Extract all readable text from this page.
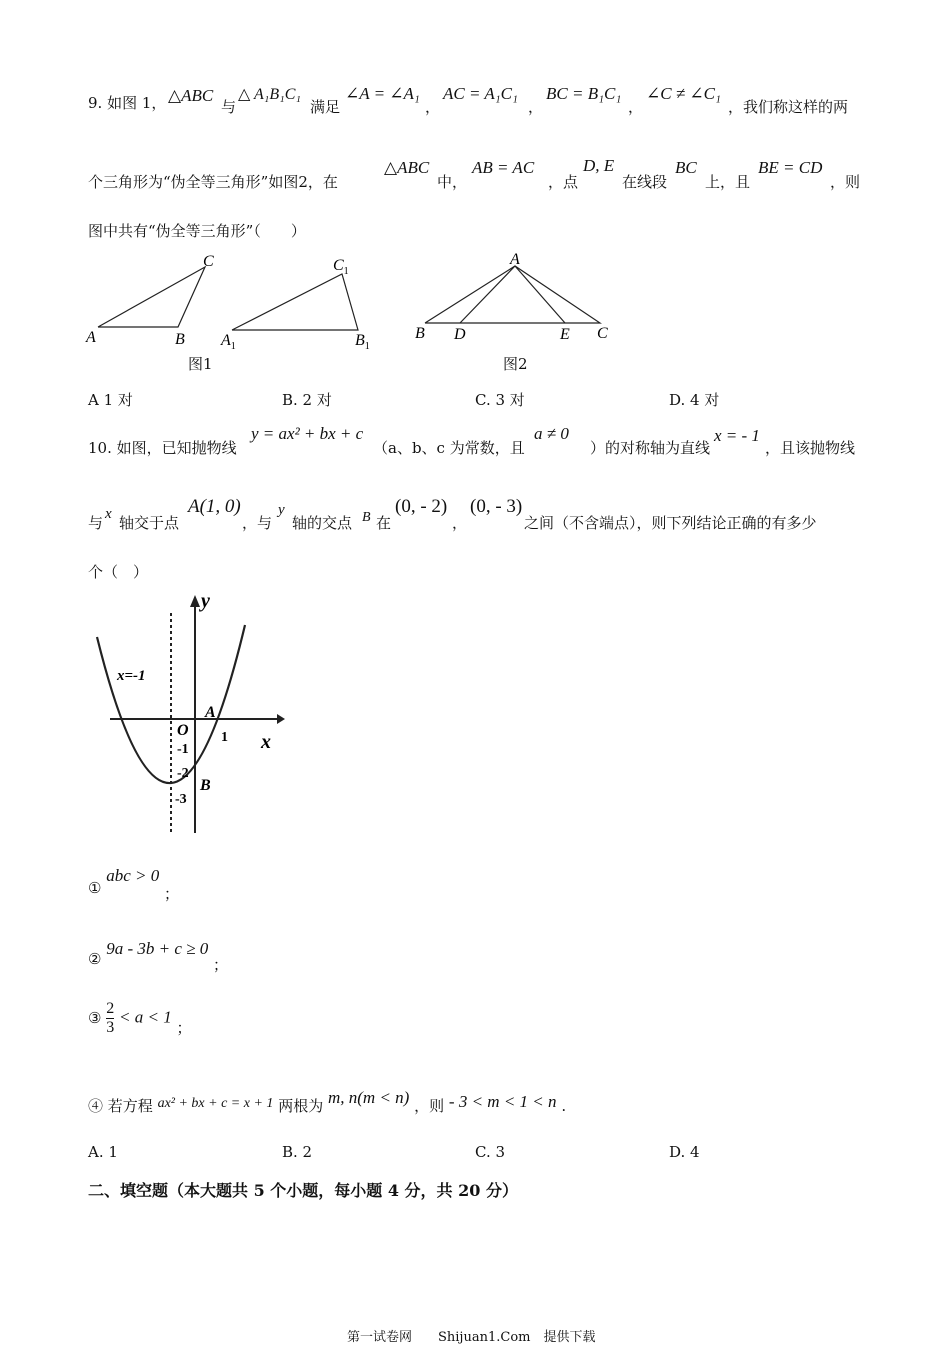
9. 如图 1， △ABC
与
△ A₁B₁C₁
满足
∠A = ∠A₁
，
AC = A₁C₁
，
BC = B₁C₁
，
∠C ≠ ∠C₁
，我们称这样的两
个三角形为“伪全等三角形”如图2，在
△ABC
中，
AB = AC
，点
D, E
在线段
BC
上，且
BE = CD
，则
图中共有“伪全等三角形”（　　）
A	B
C
$A_1$	$B_1$
$C_1$
A
B D	E C
图1	图2
A 1 对	B. 2 对	C. 3 对	D. 4 对
10. 如图，已知抛物线
y = ax² + bx + c
（a、b、c 为常数，且
a ≠ 0
）的对称轴为直线
x = - 1
，且该抛物线
与 x 轴交于点
A(1, 0)
，与
y
轴的交点 B 在
(0, - 2)
，
(0, - 3)
之间（不含端点），则下列结论正确的有多少
个（　）
y
x
x=-1
O
A
1
-1
-2
-3
B
① abc > 0 ；
② 9a - 3b + c ≥ 0 ；
③ $\frac{2}{3} < a < 1$ ；
④ 若方程 ax² + bx + c = x + 1 两根为 m, n(m < n) ，则 - 3 < m < 1 < n .
A. 1	B. 2	C. 3	D. 4
二、填空题（本大题共 5 个小题，每小题 4 分，共 20 分）
第一试卷网　　Shijuan1.Com　提供下载
